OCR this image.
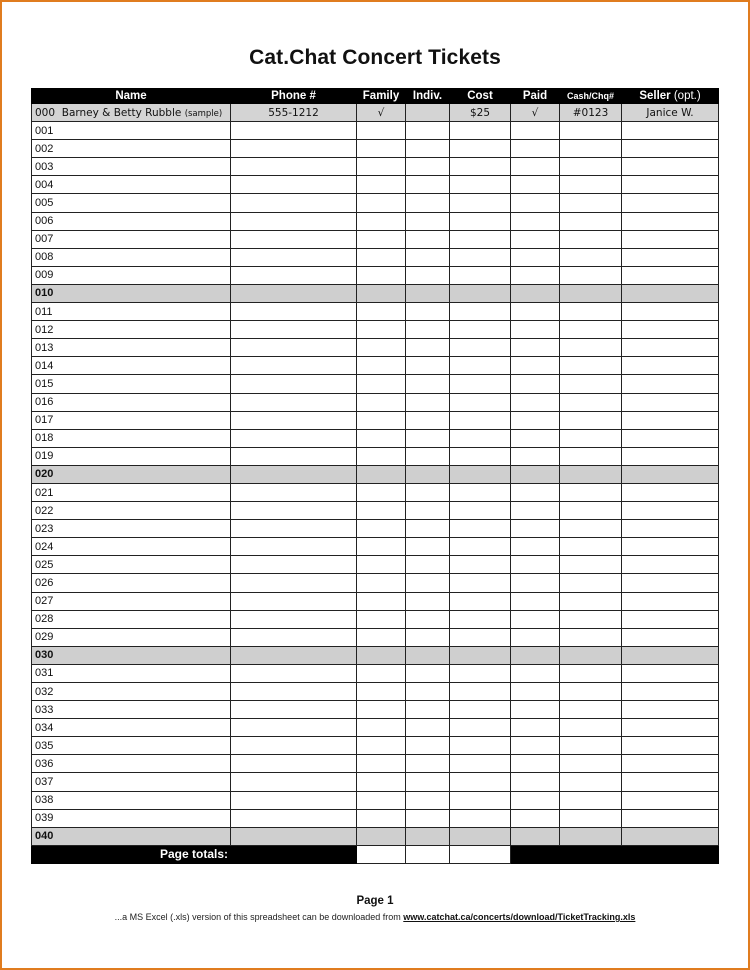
Cat.Chat Concert Tickets
Name	Phone #	Family	Indiv.	Cost	Paid	Cash/Chq#	Seller (opt.)
000 Barney & Betty Rubble (sample)	555-1212	√		$25	√	#0123	Janice W.
001							
002							
003							
004							
005							
006							
007							
008							
009							
010							
011							
012							
013							
014							
015							
016							
017							
018							
019							
020							
021							
022							
023							
024							
025							
026							
027							
028							
029							
030							
031							
032							
033							
034							
035							
036							
037							
038							
039							
040							
Page totals:							
Page 1
...a MS Excel (.xls) version of this spreadsheet can be downloaded from www.catchat.ca/concerts/download/TicketTracking.xls
